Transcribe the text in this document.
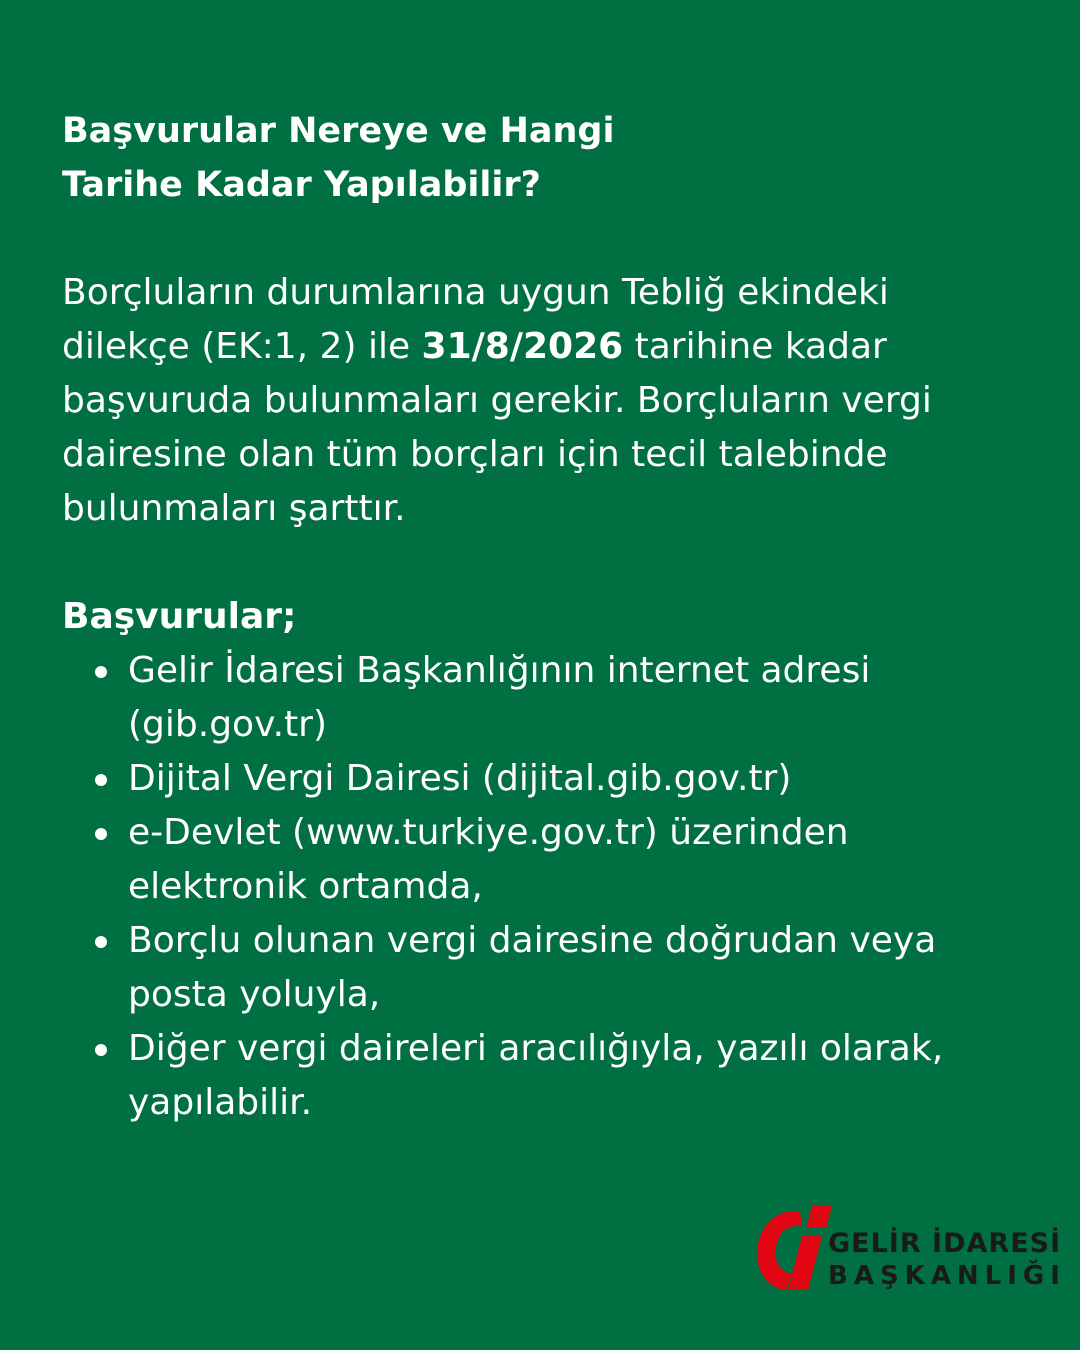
Başvurular Nereye ve Hangi
Tarihe Kadar Yapılabilir?

Borçluların durumlarına uygun Tebliğ ekindeki dilekçe (EK:1, 2) ile 31/8/2026 tarihine kadar başvuruda bulunmaları gerekir. Borçluların vergi dairesine olan tüm borçları için tecil talebinde bulunmaları şarttır.

Başvurular;
Gelir İdaresi Başkanlığının internet adresi (gib.gov.tr)
Dijital Vergi Dairesi (dijital.gib.gov.tr)
e-Devlet (www.turkiye.gov.tr) üzerinden elektronik ortamda,
Borçlu olunan vergi dairesine doğrudan veya posta yoluyla,
Diğer vergi daireleri aracılığıyla, yazılı olarak, yapılabilir.
GELİR İDARESİ
BAŞKANLIĞI
